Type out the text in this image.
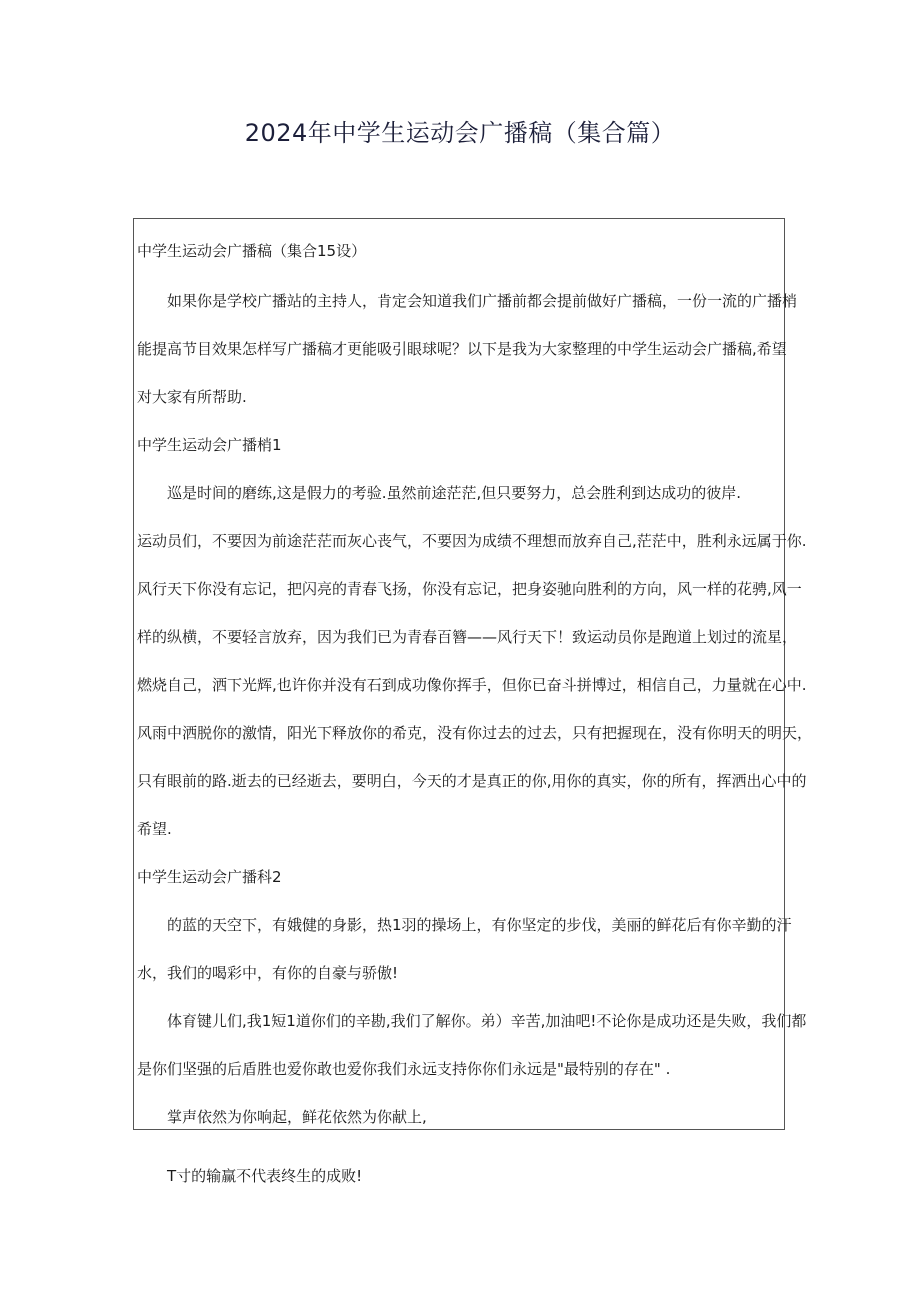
2024年中学生运动会广播稿（集合篇）

中学生运动会广播稿（集合15设）

如果你是学校广播站的主持人，肯定会知道我们广播前都会提前做好广播稿，一份一流的广播梢

能提高节目效果怎样写广播稿才更能吸引眼球呢？以下是我为大家整理的中学生运动会广播稿,希望

对大家有所帮助.

中学生运动会广播梢1

巡是时间的磨练,这是假力的考验.虽然前途茫茫,但只要努力，总会胜利到达成功的彼岸.

运动员们，不要因为前途茫茫而灰心丧气，不要因为成绩不理想而放弃自己,茫茫中，胜利永远属于你.

风行天下你没有忘记，把闪亮的青春飞扬，你没有忘记，把身姿驰向胜利的方向，风一样的花骋,风一

样的纵横，不要轻言放弃，因为我们已为青春百簪——风行天下！致运动员你是跑道上划过的流星，

燃烧自己，洒下光辉,也许你并没有石到成功像你挥手，但你已奋斗拼博过，相信自己，力量就在心中.

风雨中洒脱你的激情，阳光下释放你的希克，没有你过去的过去，只有把握现在，没有你明天的明天，

只有眼前的路.逝去的已经逝去，要明白，今天的才是真正的你,用你的真实，你的所有，挥洒出心中的

希望.

中学生运动会广播科2

的蓝的天空下，有娥健的身影，热1羽的操场上，有你坚定的步伐，美丽的鲜花后有你辛勤的汗

水，我们的喝彩中，有你的自豪与骄傲!

体育键儿们,我1短1道你们的辛勘,我们了解你。弟）辛苦,加油吧!不论你是成功还是失败，我们都

是你们坚强的后盾胜也爱你敢也爱你我们永远支持你你们永远是"最特别的存在" .

掌声依然为你响起，鲜花依然为你献上,

T寸的输赢不代表终生的成败!
